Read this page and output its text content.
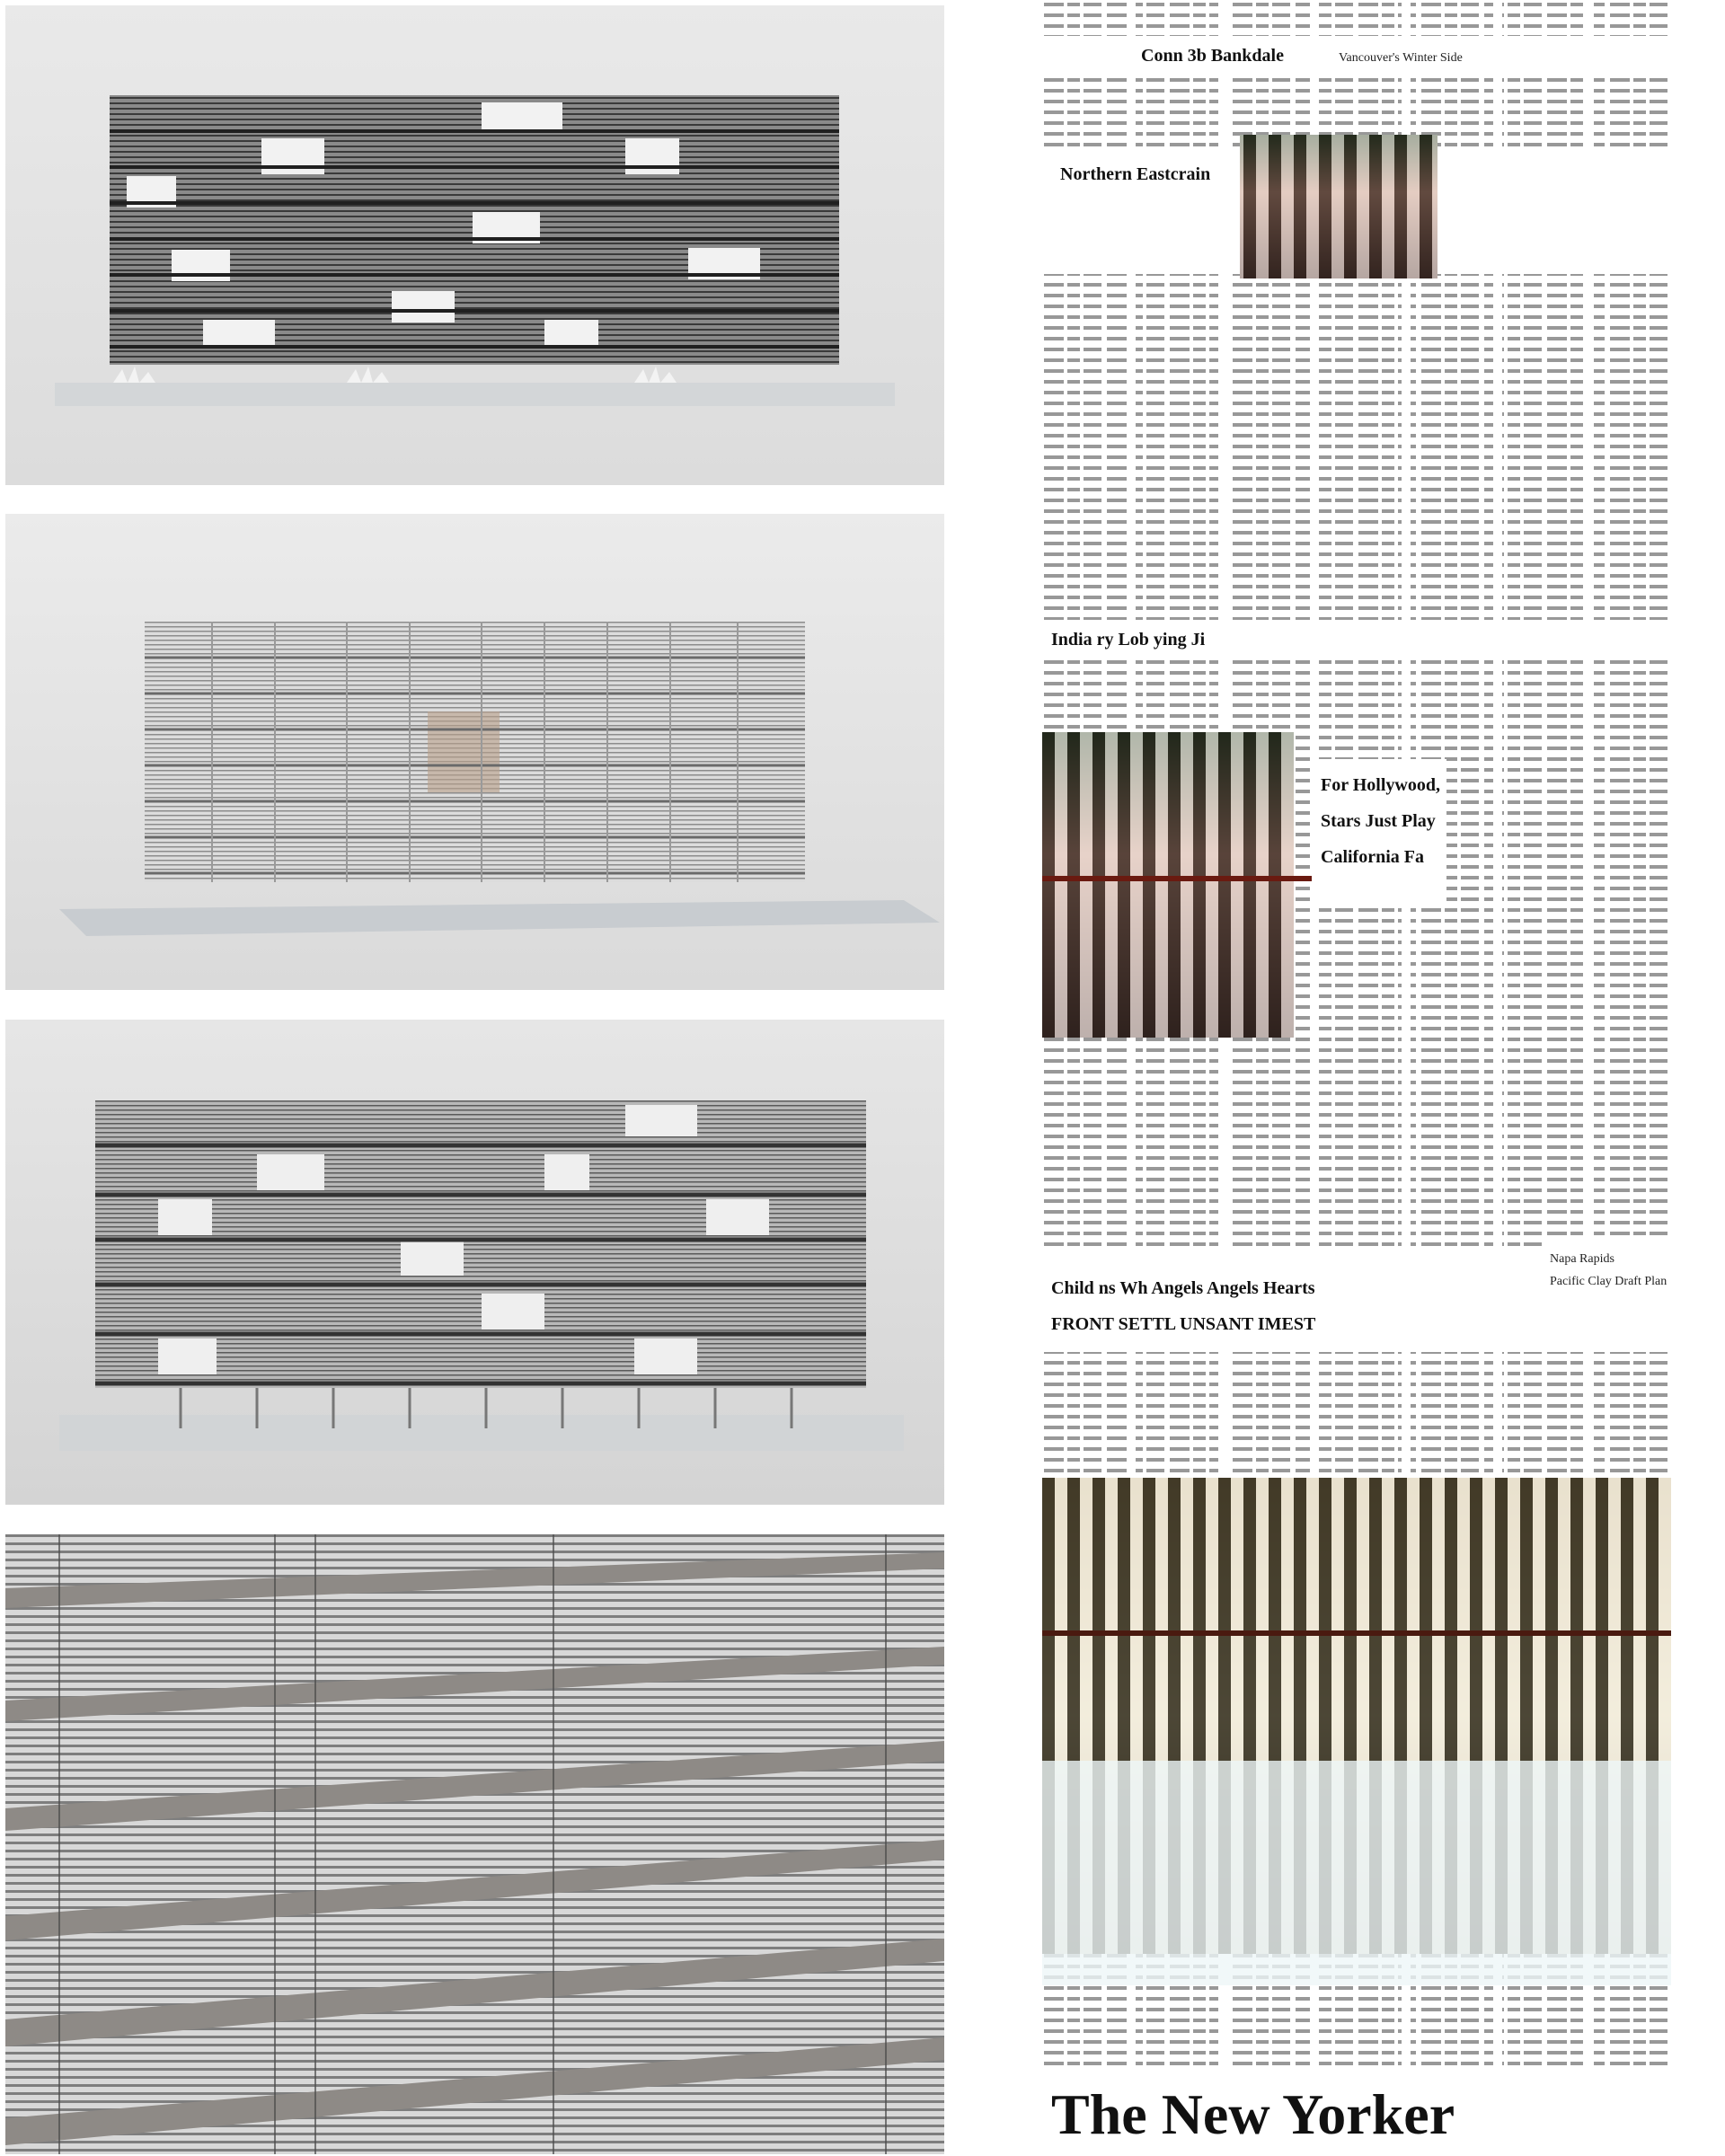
Conn 3b Bankdale	Vancouver's Winter Side
Northern Eastcrain
India ry Lob ying Ji
For Hollywood,
Stars Just Play
California Fa
Child ns Wh Angels Angels Hearts
FRONT SETTL UNSANT IMEST
Napa Rapids
Pacific Clay Draft Plan
The New Yorker
